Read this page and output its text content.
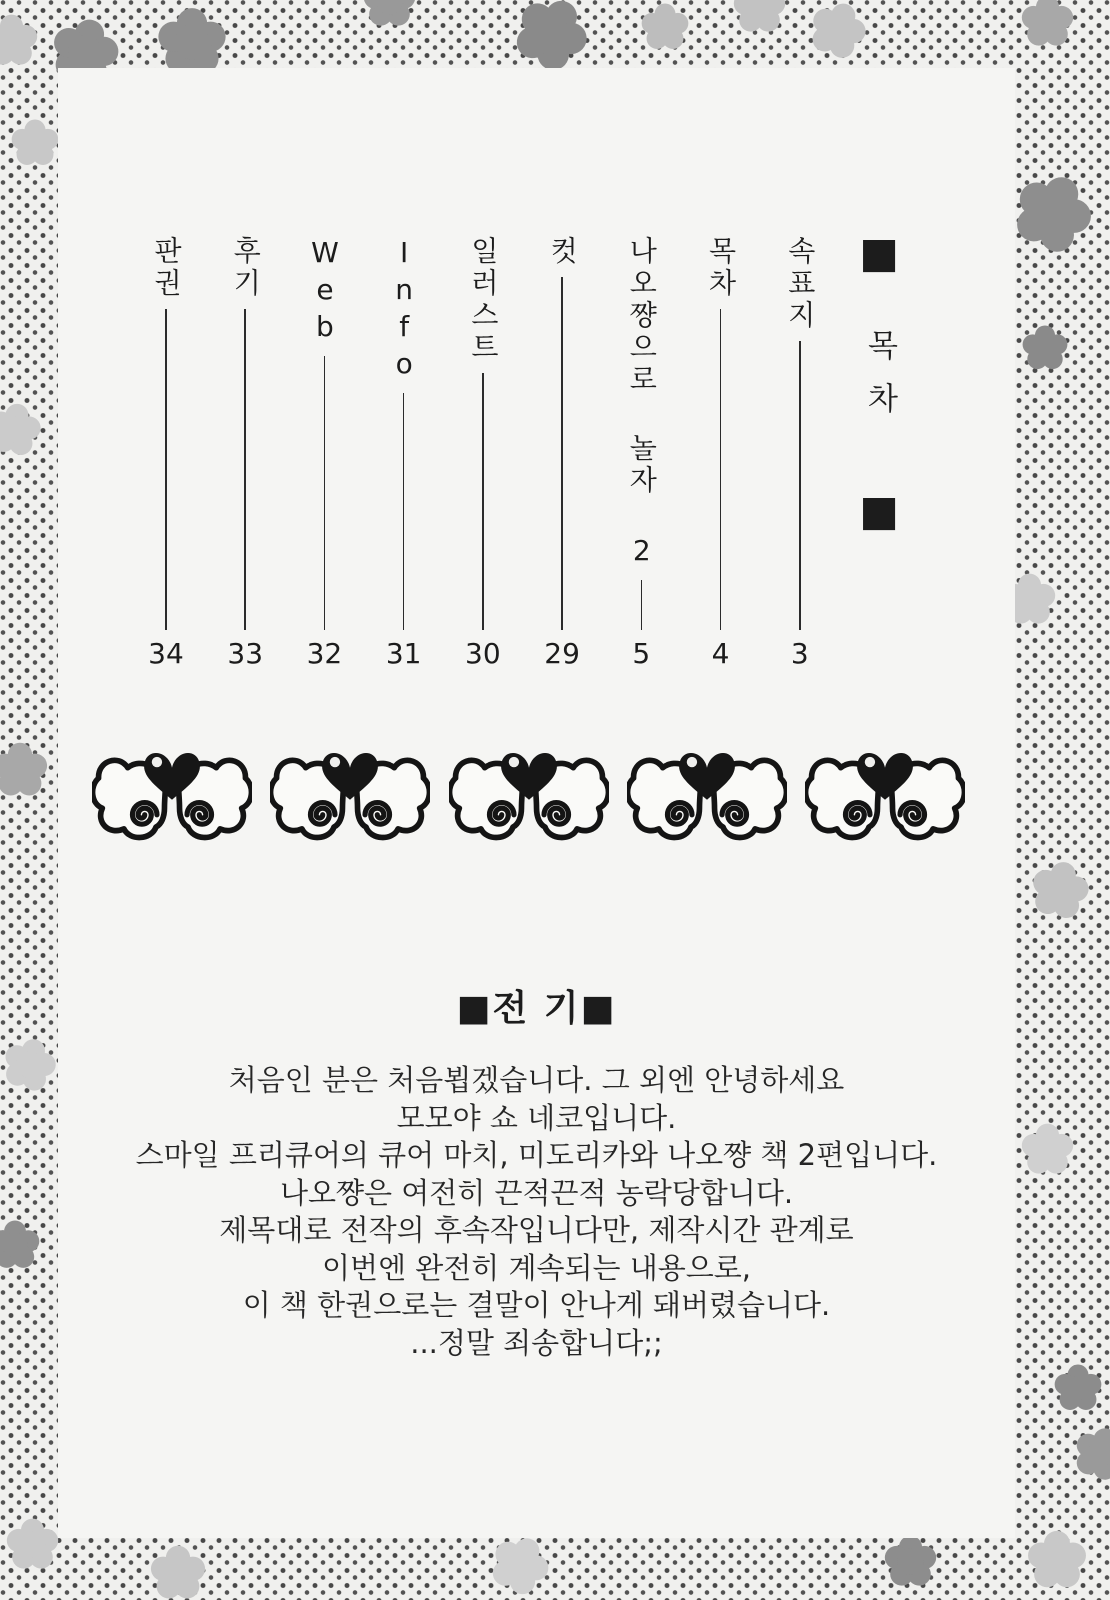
■
목차
■
속표지
3
목차
4
나오쨩으로 놀자 2
5
컷
29
일러스트
30
Info
31
Web
32
후기
33
판권
34
■전 기■
처음인 분은 처음뵙겠습니다. 그 외엔 안녕하세요
모모야 쇼 네코입니다.
스마일 프리큐어의 큐어 마치, 미도리카와 나오쨩 책 2편입니다.
나오쨩은 여전히 끈적끈적 농락당합니다.
제목대로 전작의 후속작입니다만, 제작시간 관계로
이번엔 완전히 계속되는 내용으로,
이 책 한권으로는 결말이 안나게 돼버렸습니다.
...정말 죄송합니다;;
